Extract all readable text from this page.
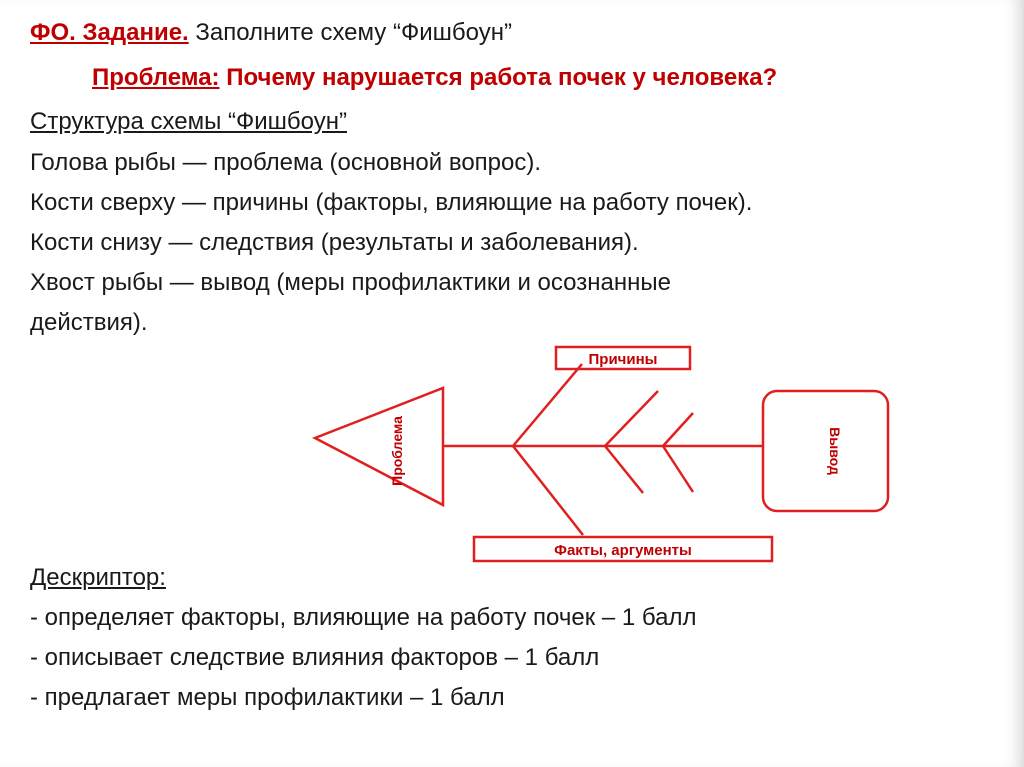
ФО. Задание. Заполните схему “Фишбоун”
Проблема: Почему нарушается работа почек у человека?
Структура схемы “Фишбоун”
Голова рыбы — проблема (основной вопрос).
Кости сверху — причины (факторы, влияющие на работу почек).
Кости снизу — следствия (результаты и заболевания).
Хвост рыбы — вывод (меры профилактики и осознанные
действия).
Причины
Факты, аргументы
Проблема	Вывод
Дескриптор:
- определяет факторы, влияющие на работу почек – 1 балл
- описывает следствие влияния факторов – 1 балл
- предлагает меры профилактики – 1 балл
